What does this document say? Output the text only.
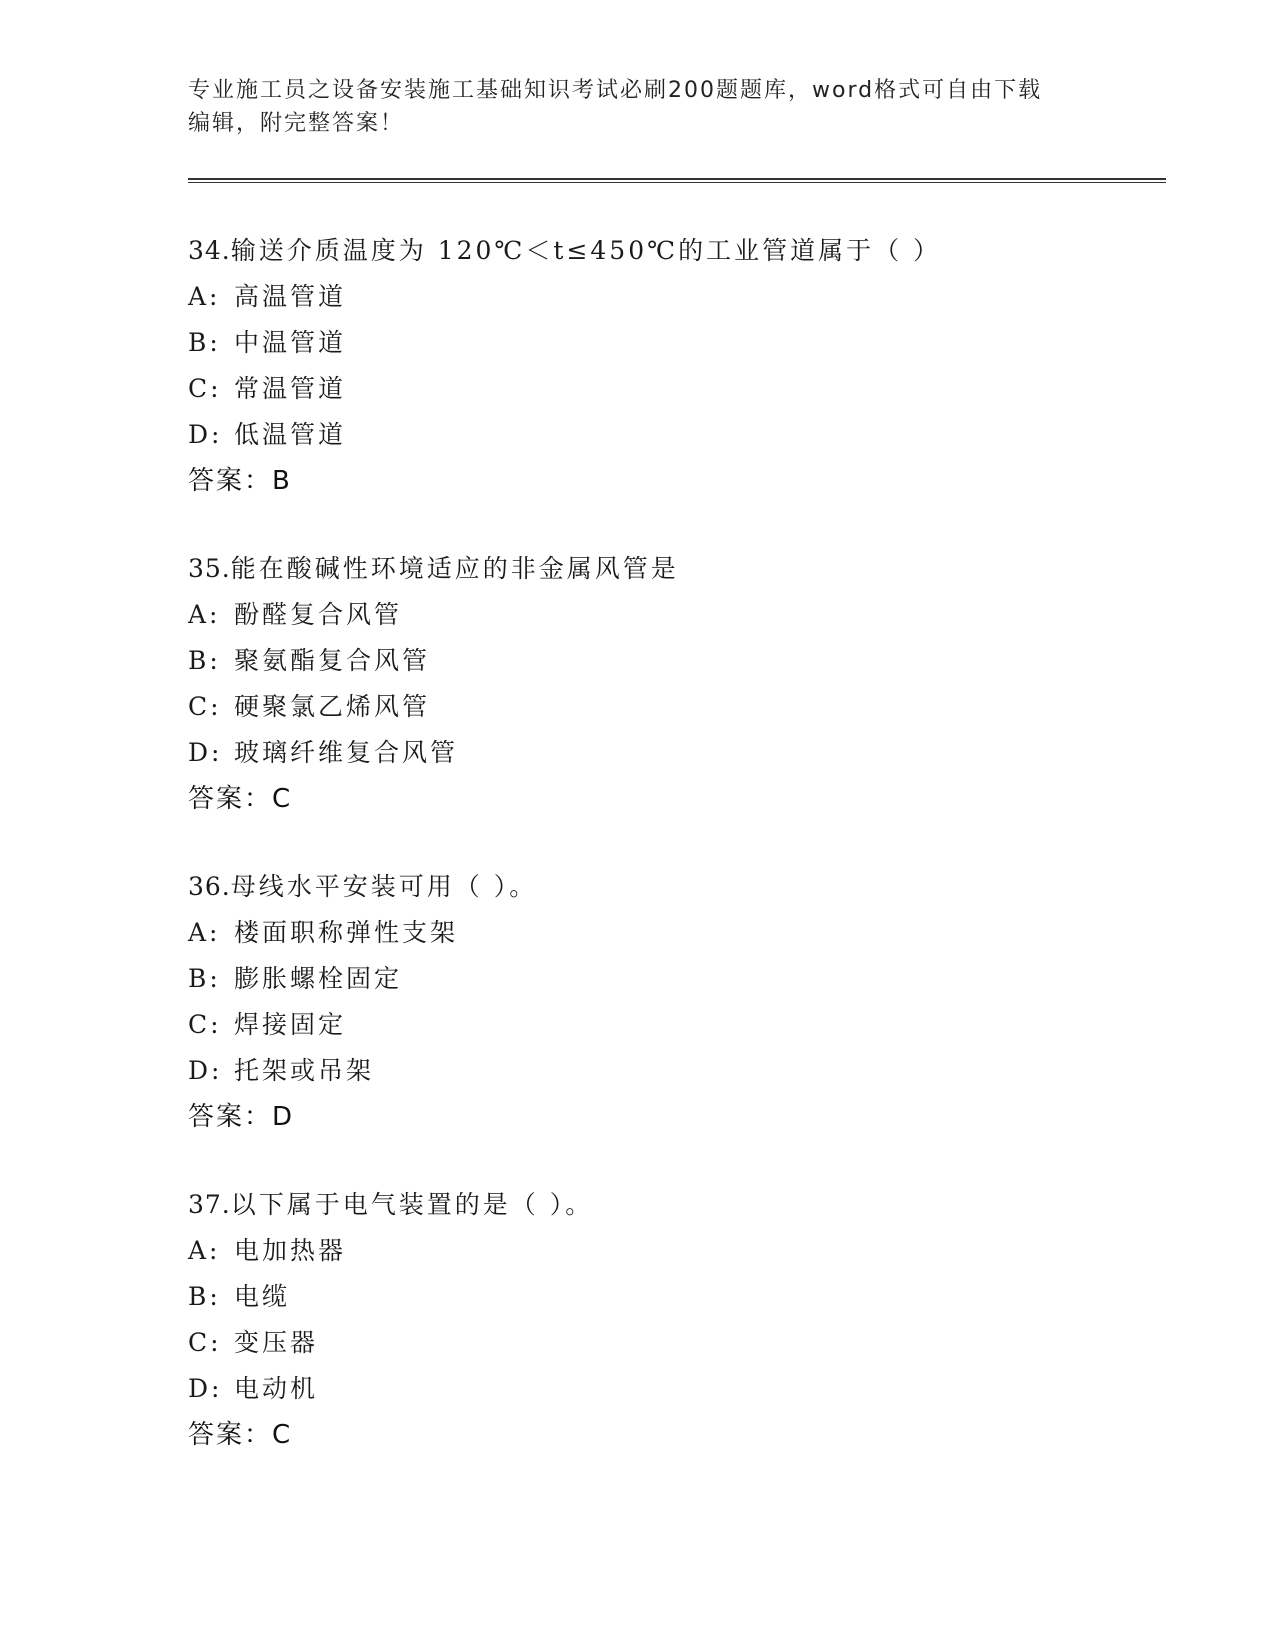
专业施工员之设备安装施工基础知识考试必刷200题题库，word格式可自由下载
编辑，附完整答案！
34.输送介质温度为 120℃＜t≤450℃的工业管道属于（ ）
A: 高温管道
B: 中温管道
C: 常温管道
D: 低温管道
答案：B
35.能在酸碱性环境适应的非金属风管是
A: 酚醛复合风管
B: 聚氨酯复合风管
C: 硬聚氯乙烯风管
D: 玻璃纤维复合风管
答案：C
36.母线水平安装可用（ ）。
A: 楼面职称弹性支架
B: 膨胀螺栓固定
C: 焊接固定
D: 托架或吊架
答案：D
37.以下属于电气装置的是（ ）。
A: 电加热器
B: 电缆
C: 变压器
D: 电动机
答案：C
